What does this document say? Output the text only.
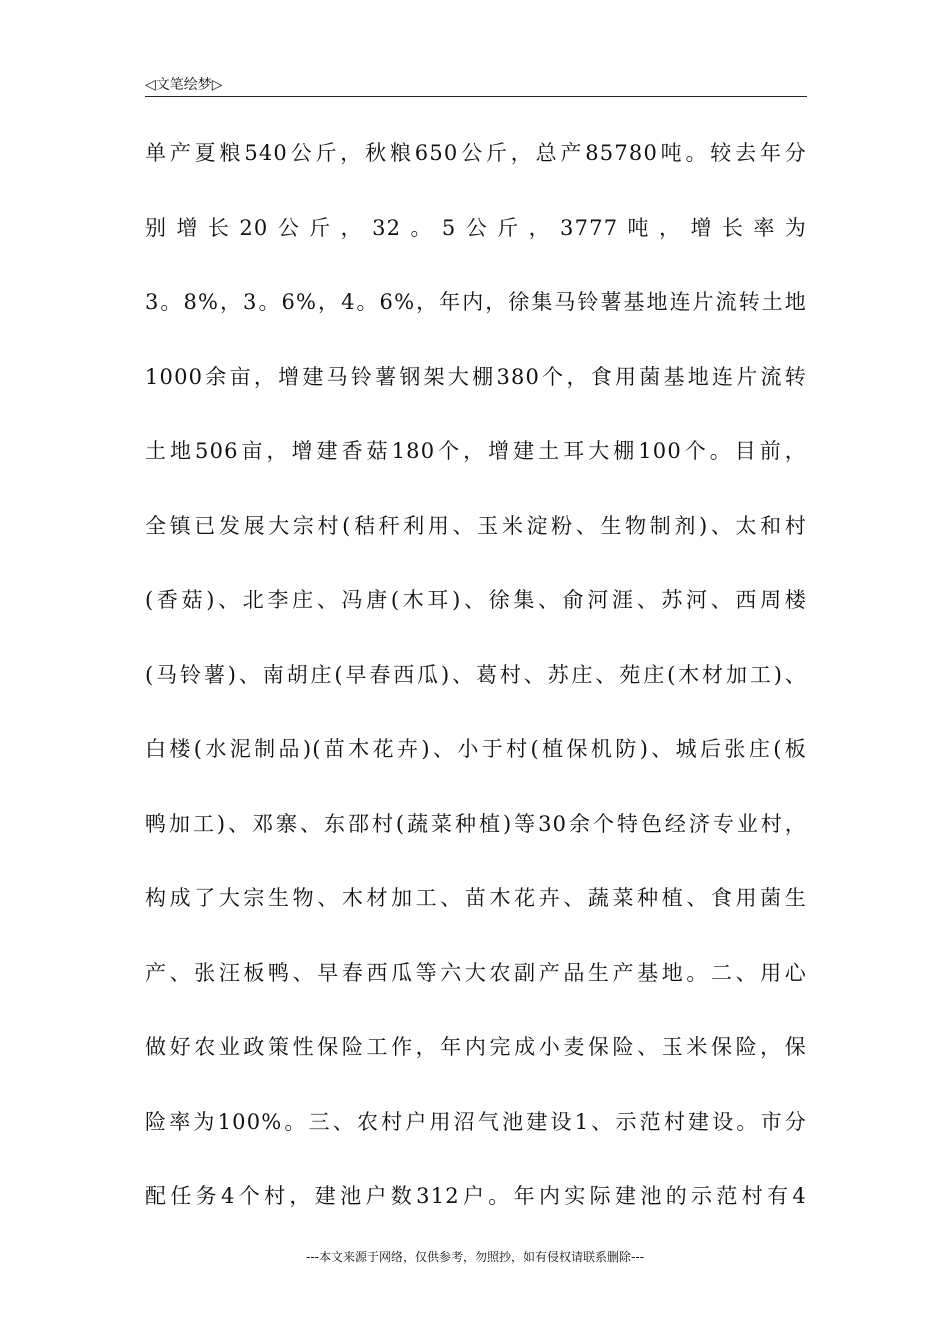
◁文笔绘梦▷
单产夏粮540公斤，秋粮650公斤，总产85780吨。较去年分
别增长20公斤，32。5公斤，3777吨，增长率为
3。8%，3。6%，4。6%，年内，徐集马铃薯基地连片流转土地
1000余亩，增建马铃薯钢架大棚380个，食用菌基地连片流转
土地506亩，增建香菇180个，增建土耳大棚100个。目前，
全镇已发展大宗村(秸秆利用、玉米淀粉、生物制剂)、太和村
(香菇)、北李庄、冯唐(木耳)、徐集、俞河涯、苏河、西周楼
(马铃薯)、南胡庄(早春西瓜)、葛村、苏庄、苑庄(木材加工)、
白楼(水泥制品)(苗木花卉)、小于村(植保机防)、城后张庄(板
鸭加工)、邓寨、东邵村(蔬菜种植)等30余个特色经济专业村，
构成了大宗生物、木材加工、苗木花卉、蔬菜种植、食用菌生
产、张汪板鸭、早春西瓜等六大农副产品生产基地。二、用心
做好农业政策性保险工作，年内完成小麦保险、玉米保险，保
险率为100%。三、农村户用沼气池建设1、示范村建设。市分
配任务4个村，建池户数312户。年内实际建池的示范村有4
---本文来源于网络，仅供参考，勿照抄，如有侵权请联系删除---
